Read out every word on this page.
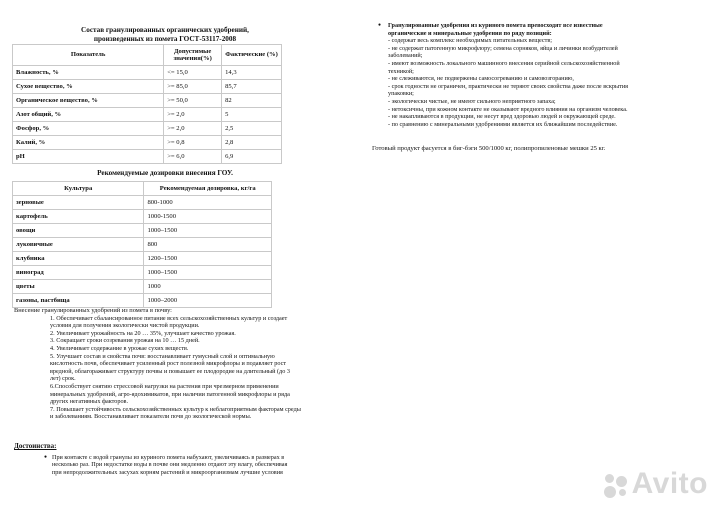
Состав гранулированных органических удобрений,
произведенных из помета ГОСТ-53117-2008
Показатель	Допустимые значения(%)	Фактические (%)
Влажность, %	<= 15,0	14,3
Сухое вещество, %	>= 85,0	85,7
Органическое вещество, %	>= 50,0	82
Азот общий, %	>= 2,0	5
Фосфор, %	>= 2,0	2,5
Калий, %	>= 0,8	2,8
pH	>= 6,0	6,9
Рекомендуемые дозировки внесения ГОУ.
Культура	Рекомендуемая дозировка, кг/га
зерновые	800-1000
картофель	1000-1500
овощи	1000–1500
луковичные	800
клубника	1200–1500
виноград	1000–1500
цветы	1000
газоны, пастбища	1000–2000

Внесение гранулированных удобрений из помета в почву:

1. Обеспечивает сбалансированное питание всех сельскохозяйственных культур и создает

условия для получения экологически чистой продукции.

2. Увеличивает урожайность на 20 … 35%, улучшает качество урожая.

3. Сокращает сроки созревания урожая на 10 … 15 дней.

4. Увеличивает содержание в урожае сухих веществ.

5. Улучшает состав и свойства почв: восстанавливает гумусный слой и оптимальную

кислотность почв, обеспечивает усиленный рост полезной микрофлоры и подавляет рост

вредной, облагораживает структуру почвы и повышает ее плодородие на длительный (до 3

лет) срок.

6.Способствует снятию стрессовой нагрузки на растения при чрезмерном применении

минеральных удобрений, агро-ядохимикатов, при наличии патогенной микрофлоры и ряда

других негативных факторов.

7. Повышает устойчивость сельскохозяйственных культур к неблагоприятным факторам среды

и заболеваниям. Восстанавливает показатели почв до экологической нормы.

Достоинства:

● При контакте с водой гранулы из куриного помета набухают, увеличиваясь в размерах в

несколько раз. При недостатке воды в почве они медленно отдают эту влагу, обеспечивая

при непродолжительных засухах корням растений и микроорганизмам лучшие условия

● Гранулированные удобрения из куриного помета превосходят все известные

органические и минеральные удобрения по ряду позиций:

- содержат весь комплекс необходимых питательных веществ;

- не содержат патогенную микрофлору; семена сорняков, яйца и личинки возбудителей

заболеваний;

- имеют возможность локального машинного внесения серийной сельскохозяйственной

техникой;

- не слеживаются, не подвержены самосогреванию и самовозгоранию,

- срок годности не ограничен, практически не теряют своих свойства даже после вскрытия

упаковки;

- экологически чистые, не имеют сильного неприятного запаха;

- нетоксичны, при кожном контакте не оказывают вредного влияния на организм человека.

- не накапливаются в продукции, не несут вред здоровью людей и окружающей среде.

- по сравнению с минеральными удобрениями является их ближайшим последействие.

Готовый продукт фасуется в биг-бэги 500/1000 кг, полипропиленовые мешки 25 кг.
Avito
